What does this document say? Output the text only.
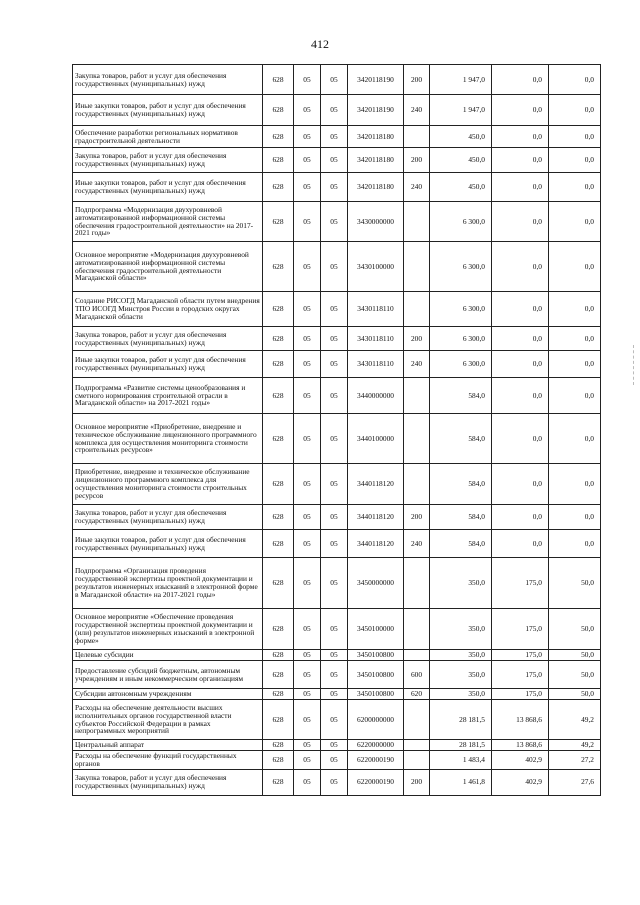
412
Закупка товаров, работ и услуг для обеспечения государственных (муниципальных) нужд	628	05	05	3420118190	200	1 947,0	0,0	0,0
Иные закупки товаров, работ и услуг для обеспечения государственных (муниципальных) нужд	628	05	05	3420118190	240	1 947,0	0,0	0,0
Обеспечение разработки региональных нормативов градостроительной деятельности	628	05	05	3420118180		450,0	0,0	0,0
Закупка товаров, работ и услуг для обеспечения государственных (муниципальных) нужд	628	05	05	3420118180	200	450,0	0,0	0,0
Иные закупки товаров, работ и услуг для обеспечения государственных (муниципальных) нужд	628	05	05	3420118180	240	450,0	0,0	0,0
Подпрограмма «Модернизация двухуровневой автоматизированной информационной системы обеспечения градостроительной деятельности» на 2017-2021 годы»	628	05	05	3430000000		6 300,0	0,0	0,0
Основное мероприятие «Модернизация двухуровневой автоматизированной информационной системы обеспечения градостроительной деятельности Магаданской области»	628	05	05	3430100000		6 300,0	0,0	0,0
Создание РИСОГД Магаданской области путем внедрения ТПО ИСОГД Минстроя России в городских округах Магаданской области	628	05	05	3430118110		6 300,0	0,0	0,0
Закупка товаров, работ и услуг для обеспечения государственных (муниципальных) нужд	628	05	05	3430118110	200	6 300,0	0,0	0,0
Иные закупки товаров, работ и услуг для обеспечения государственных (муниципальных) нужд	628	05	05	3430118110	240	6 300,0	0,0	0,0
Подпрограмма «Развитие системы ценообразования и сметного нормирования строительной отрасли в Магаданской области» на 2017-2021 годы»	628	05	05	3440000000		584,0	0,0	0,0
Основное мероприятие «Приобретение, внедрение и техническое обслуживание лицензионного программного комплекса для осуществления мониторинга стоимости строительных ресурсов»	628	05	05	3440100000		584,0	0,0	0,0
Приобретение, внедрение и техническое обслуживание лицензионного программного комплекса для осуществления мониторинга стоимости строительных ресурсов	628	05	05	3440118120		584,0	0,0	0,0
Закупка товаров, работ и услуг для обеспечения государственных (муниципальных) нужд	628	05	05	3440118120	200	584,0	0,0	0,0
Иные закупки товаров, работ и услуг для обеспечения государственных (муниципальных) нужд	628	05	05	3440118120	240	584,0	0,0	0,0
Подпрограмма «Организация проведения государственной экспертизы проектной документации и результатов инженерных изысканий в электронной форме в Магаданской области» на 2017-2021 годы»	628	05	05	3450000000		350,0	175,0	50,0
Основное мероприятие «Обеспечение проведения государственной экспертизы проектной документации и (или) результатов инженерных изысканий в электронной форме»	628	05	05	3450100000		350,0	175,0	50,0
Целевые субсидии	628	05	05	3450100800		350,0	175,0	50,0
Предоставление субсидий бюджетным, автономным учреждениям и иным некоммерческим организациям	628	05	05	3450100800	600	350,0	175,0	50,0
Субсидии автономным учреждениям	628	05	05	3450100800	620	350,0	175,0	50,0
Расходы на обеспечение деятельности высших исполнительных органов государственной власти субъектов Российской Федерации в рамках непрограммных мероприятий	628	05	05	6200000000		28 181,5	13 868,6	49,2
Центральный аппарат	628	05	05	6220000000		28 181,5	13 868,6	49,2
Расходы на обеспечение функций государственных органов	628	05	05	6220000190		1 483,4	402,9	27,2
Закупка товаров, работ и услуг для обеспечения государственных (муниципальных) нужд	628	05	05	6220000190	200	1 461,8	402,9	27,6
